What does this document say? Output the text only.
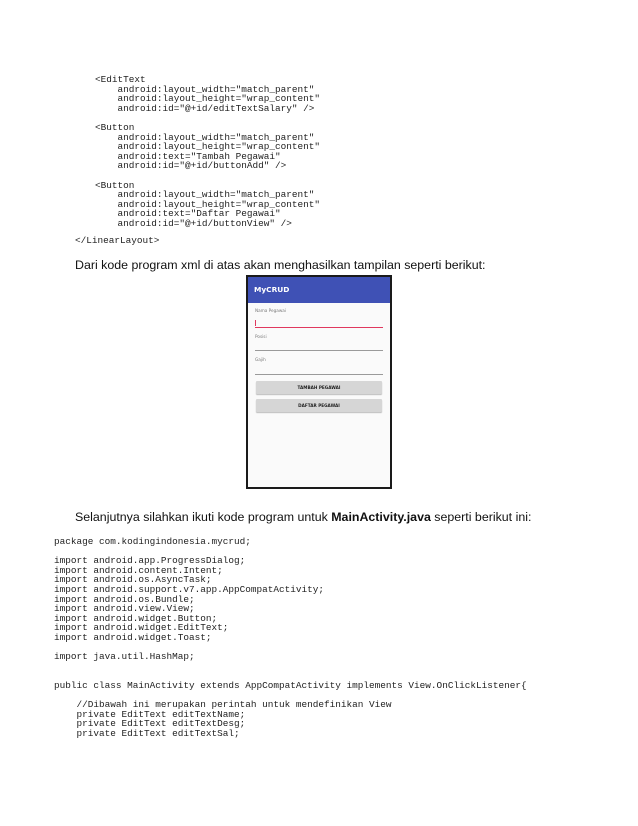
<EditText
android:layout_width="match_parent"
android:layout_height="wrap_content"
android:id="@+id/editTextSalary" />

<Button
android:layout_width="match_parent"
android:layout_height="wrap_content"
android:text="Tambah Pegawai"
android:id="@+id/buttonAdd" />

<Button
android:layout_width="match_parent"
android:layout_height="wrap_content"
android:text="Daftar Pegawai"
android:id="@+id/buttonView" />
</LinearLayout>

Dari kode program xml di atas akan menghasilkan tampilan seperti berikut:

MyCRUD
Nama Pegawai
Posisi
Gajih
TAMBAH PEGAWAI
DAFTAR PEGAWAI

Selanjutnya silahkan ikuti kode program untuk MainActivity.java seperti berikut ini:

package com.kodingindonesia.mycrud;

import android.app.ProgressDialog;
import android.content.Intent;
import android.os.AsyncTask;
import android.support.v7.app.AppCompatActivity;
import android.os.Bundle;
import android.view.View;
import android.widget.Button;
import android.widget.EditText;
import android.widget.Toast;

import java.util.HashMap;

public class MainActivity extends AppCompatActivity implements View.OnClickListener{

//Dibawah ini merupakan perintah untuk mendefinikan View
private EditText editTextName;
private EditText editTextDesg;
private EditText editTextSal;
